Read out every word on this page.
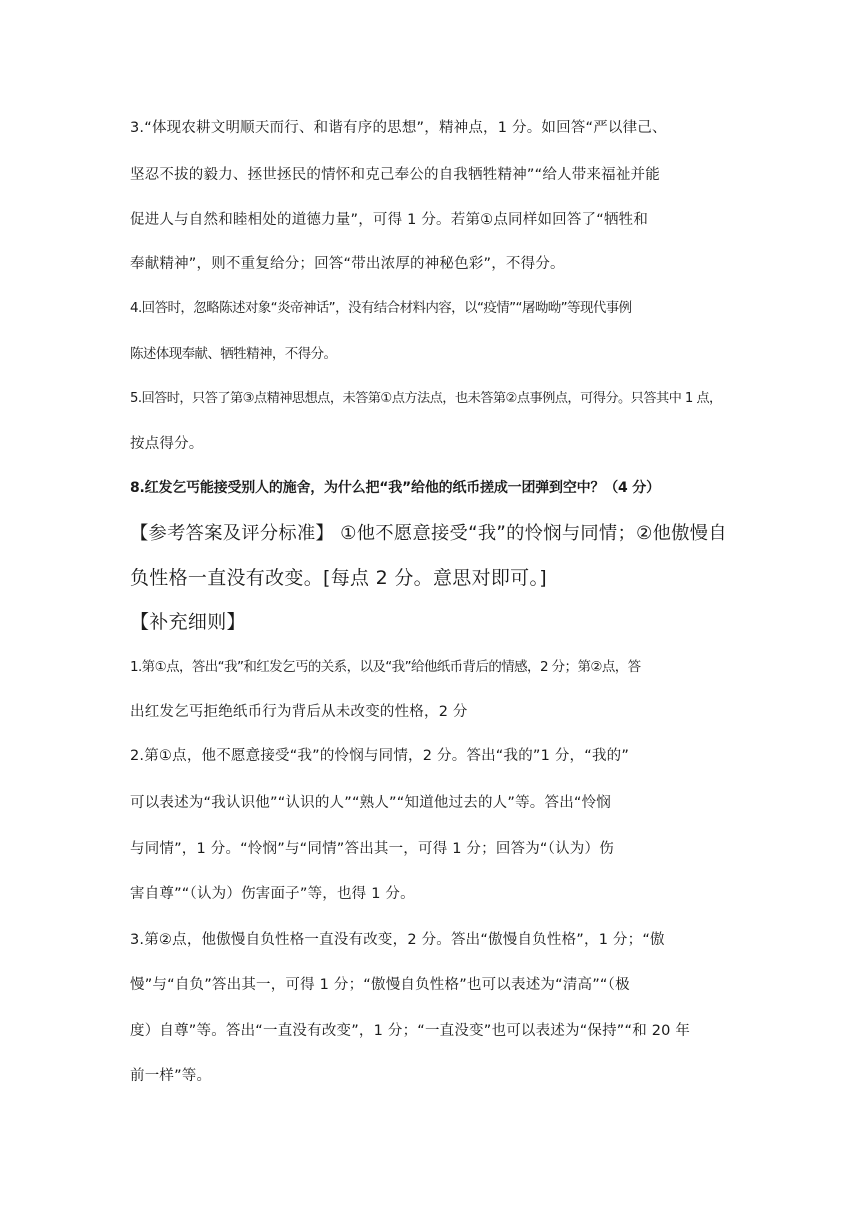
3.“体现农耕文明顺天而行、和谐有序的思想”，精神点，1 分。如回答“严以律己、
坚忍不拔的毅力、拯世拯民的情怀和克己奉公的自我牺牲精神”“给人带来福祉并能
促进人与自然和睦相处的道德力量”，可得 1 分。若第①点同样如回答了“牺牲和
奉献精神”，则不重复给分；回答“带出浓厚的神秘色彩”，不得分。
4.回答时，忽略陈述对象“炎帝神话”，没有结合材料内容，以“疫情”“屠呦呦”等现代事例
陈述体现奉献、牺牲精神，不得分。
5.回答时，只答了第③点精神思想点，未答第①点方法点，也未答第②点事例点，可得分。只答其中 1 点，
按点得分。
8.红发乞丐能接受别人的施舍，为什么把“我”给他的纸币搓成一团弹到空中？（4 分）
【参考答案及评分标准】 ①他不愿意接受“我”的怜悯与同情；②他傲慢自
负性格一直没有改变。[每点 2 分。意思对即可。]
【补充细则】
1.第①点，答出“我”和红发乞丐的关系，以及“我”给他纸币背后的情感，2 分；第②点，答
出红发乞丐拒绝纸币行为背后从未改变的性格，2 分
2.第①点，他不愿意接受“我”的怜悯与同情，2 分。答出“我的”1 分，“我的”
可以表述为“我认识他”“认识的人”“熟人”“知道他过去的人”等。答出“怜悯
与同情”，1 分。“怜悯”与“同情”答出其一，可得 1 分；回答为“（认为）伤
害自尊”“（认为）伤害面子”等，也得 1 分。
3.第②点，他傲慢自负性格一直没有改变，2 分。答出“傲慢自负性格”，1 分；“傲
慢”与“自负”答出其一，可得 1 分；“傲慢自负性格”也可以表述为“清高”“（极
度）自尊”等。答出“一直没有改变”，1 分；“一直没变”也可以表述为“保持”“和 20 年
前一样”等。
